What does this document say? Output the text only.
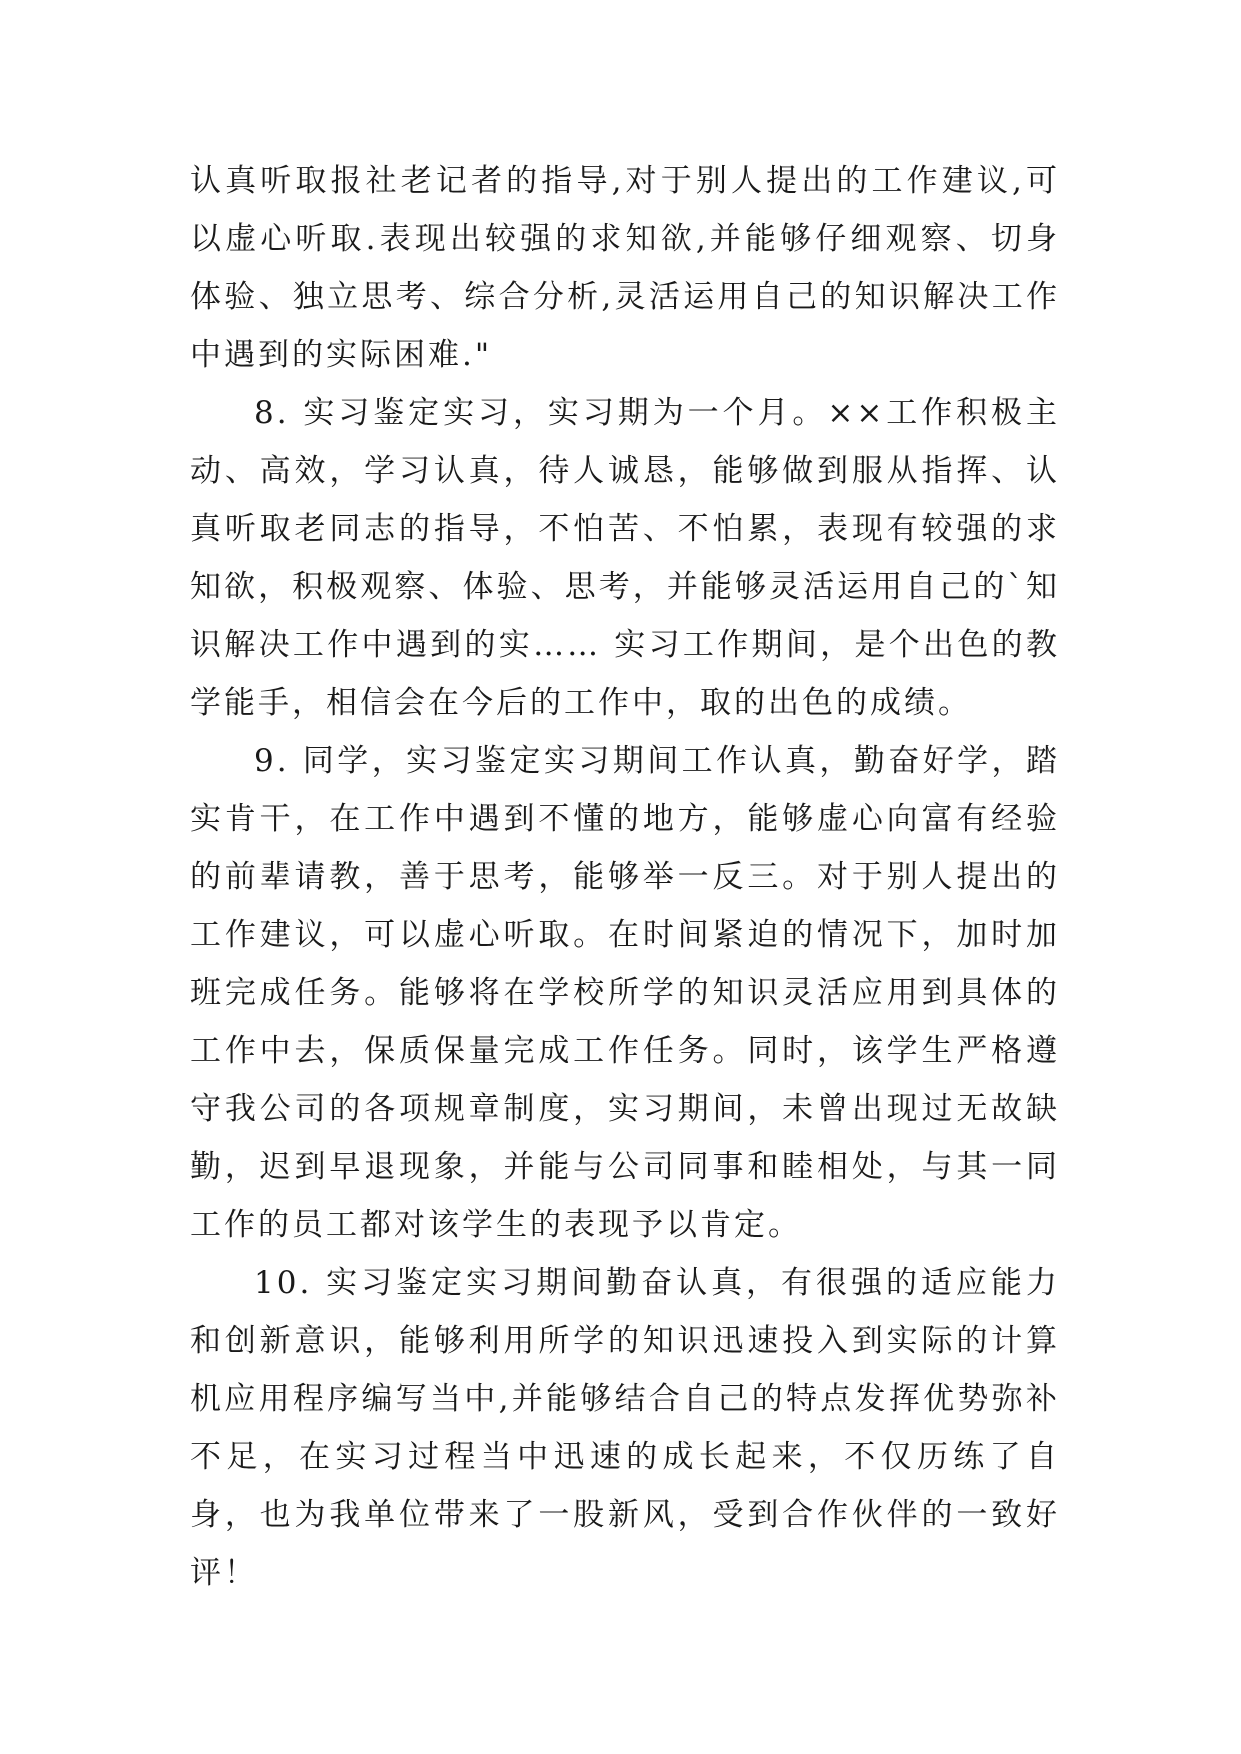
认真听取报社老记者的指导,对于别人提出的工作建议,可以虚心听取.表现出较强的求知欲,并能够仔细观察、切身体验、独立思考、综合分析,灵活运用自己的知识解决工作中遇到的实际困难."

8. 实习鉴定实习，实习期为一个月。××工作积极主动、高效，学习认真，待人诚恳，能够做到服从指挥、认真听取老同志的指导，不怕苦、不怕累，表现有较强的求知欲，积极观察、体验、思考，并能够灵活运用自己的`知识解决工作中遇到的实…… 实习工作期间，是个出色的教学能手，相信会在今后的工作中，取的出色的成绩。

9. 同学，实习鉴定实习期间工作认真，勤奋好学，踏实肯干，在工作中遇到不懂的地方，能够虚心向富有经验的前辈请教，善于思考，能够举一反三。对于别人提出的工作建议，可以虚心听取。在时间紧迫的情况下，加时加班完成任务。能够将在学校所学的知识灵活应用到具体的工作中去，保质保量完成工作任务。同时，该学生严格遵守我公司的各项规章制度，实习期间，未曾出现过无故缺勤，迟到早退现象，并能与公司同事和睦相处，与其一同工作的员工都对该学生的表现予以肯定。

10. 实习鉴定实习期间勤奋认真，有很强的适应能力和创新意识，能够利用所学的知识迅速投入到实际的计算机应用程序编写当中,并能够结合自己的特点发挥优势弥补不足，在实习过程当中迅速的成长起来，不仅历练了自身，也为我单位带来了一股新风，受到合作伙伴的一致好评！
